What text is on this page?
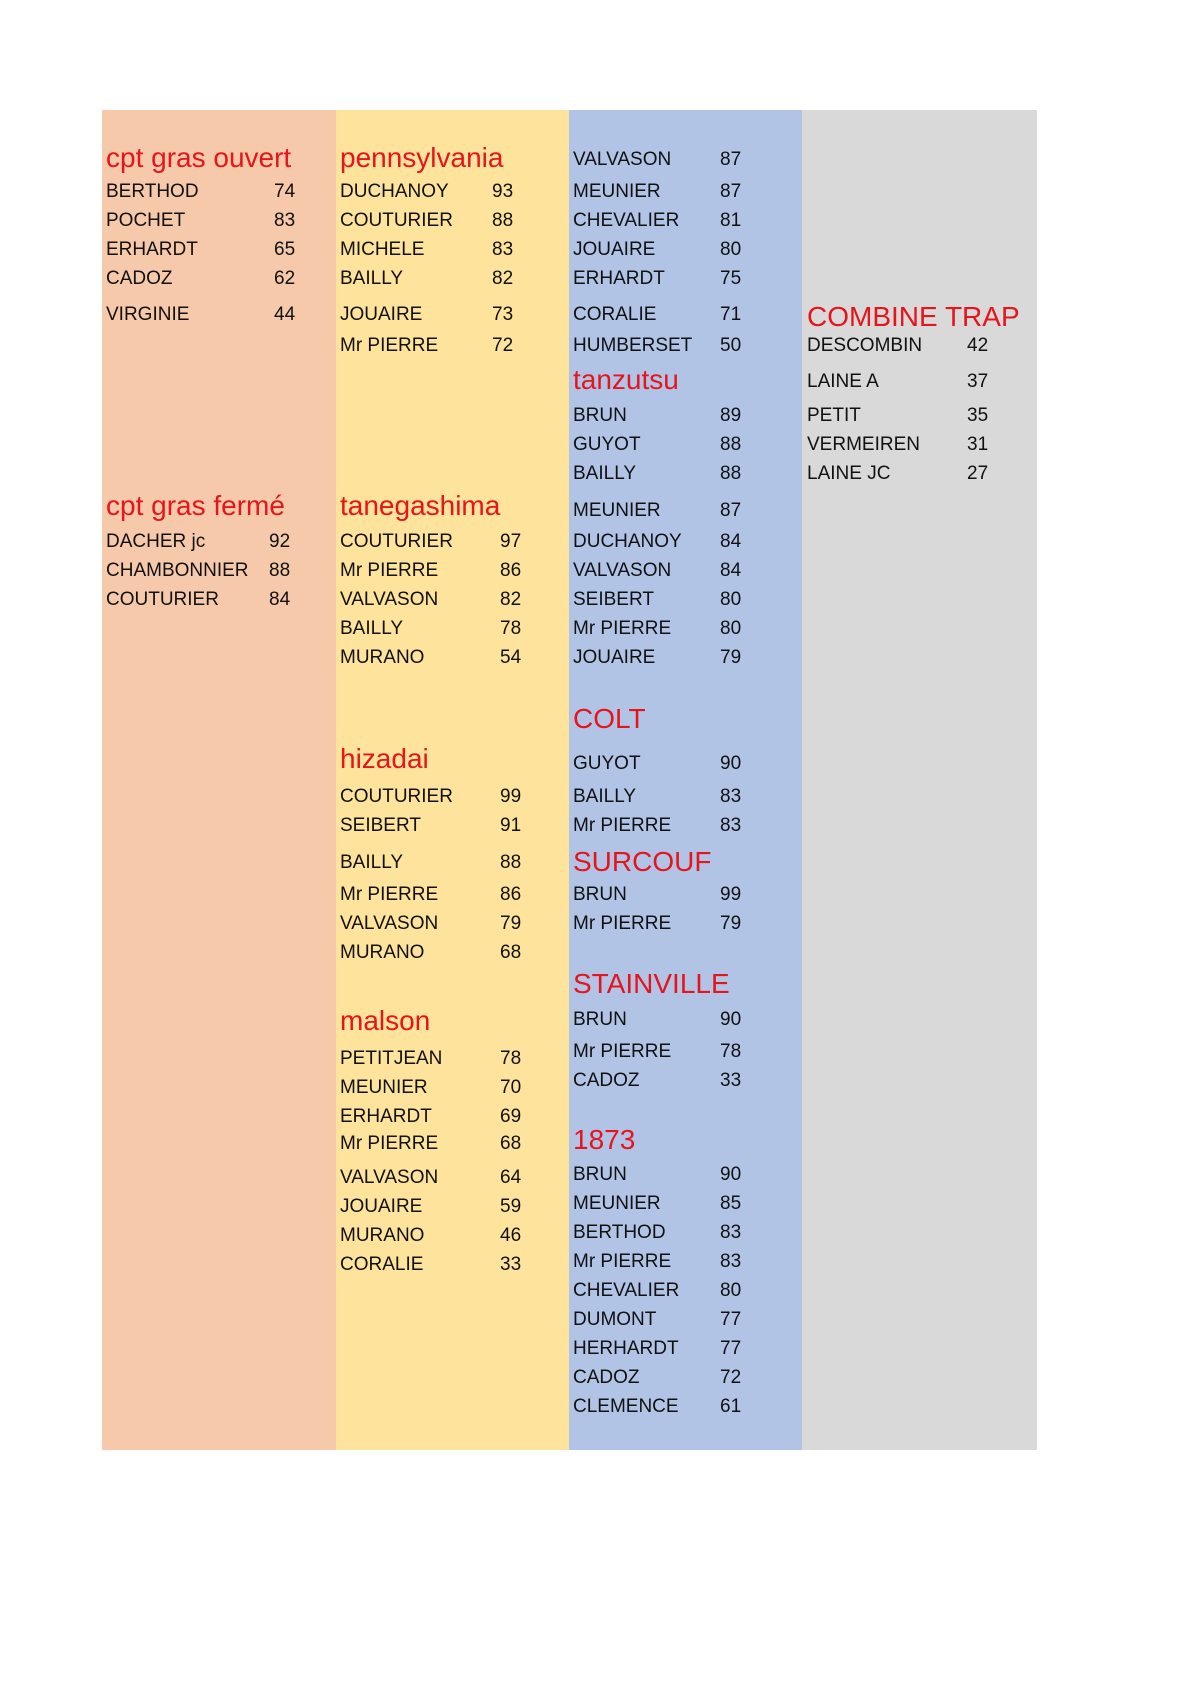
cpt gras ouvert
BERTHOD	74
POCHET	83
ERHARDT	65
CADOZ	62
VIRGINIE	44
cpt gras fermé
DACHER jc	92
CHAMBONNIER 88
COUTURIER	84
pennsylvania
DUCHANOY 93
COUTURIER 88
MICHELE	83
BAILLY	82
JOUAIRE	73
Mr PIERRE	72
tanegashima
COUTURIER 97
Mr PIERRE	86
VALVASON	82
BAILLY	78
MURANO	54
hizadai
COUTURIER 99
SEIBERT	91
BAILLY	88
Mr PIERRE	86
VALVASON	79
MURANO	68
malson
PETITJEAN	78
MEUNIER	70
ERHARDT	69
Mr PIERRE	68
VALVASON	64
JOUAIRE	59
MURANO	46
CORALIE	33
VALVASON	87
MEUNIER	87
CHEVALIER 81
JOUAIRE	80
ERHARDT	75
CORALIE	71
HUMBERSET 50
tanzutsu
BRUN	89
GUYOT	88
BAILLY	88
MEUNIER	87
DUCHANOY 84
VALVASON	84
SEIBERT	80
Mr PIERRE	80
JOUAIRE	79
COLT
GUYOT	90
BAILLY	83
Mr PIERRE	83
SURCOUF
BRUN	99
Mr PIERRE	79
STAINVILLE
BRUN	90
Mr PIERRE	78
CADOZ	33
1873
BRUN	90
MEUNIER	85
BERTHOD	83
Mr PIERRE	83
CHEVALIER 80
DUMONT	77
HERHARDT 77
CADOZ	72
CLEMENCE 61
COMBINE TRAP
DESCOMBIN 42
LAINE A	37
PETIT	35
VERMEIREN 31
LAINE JC	27
